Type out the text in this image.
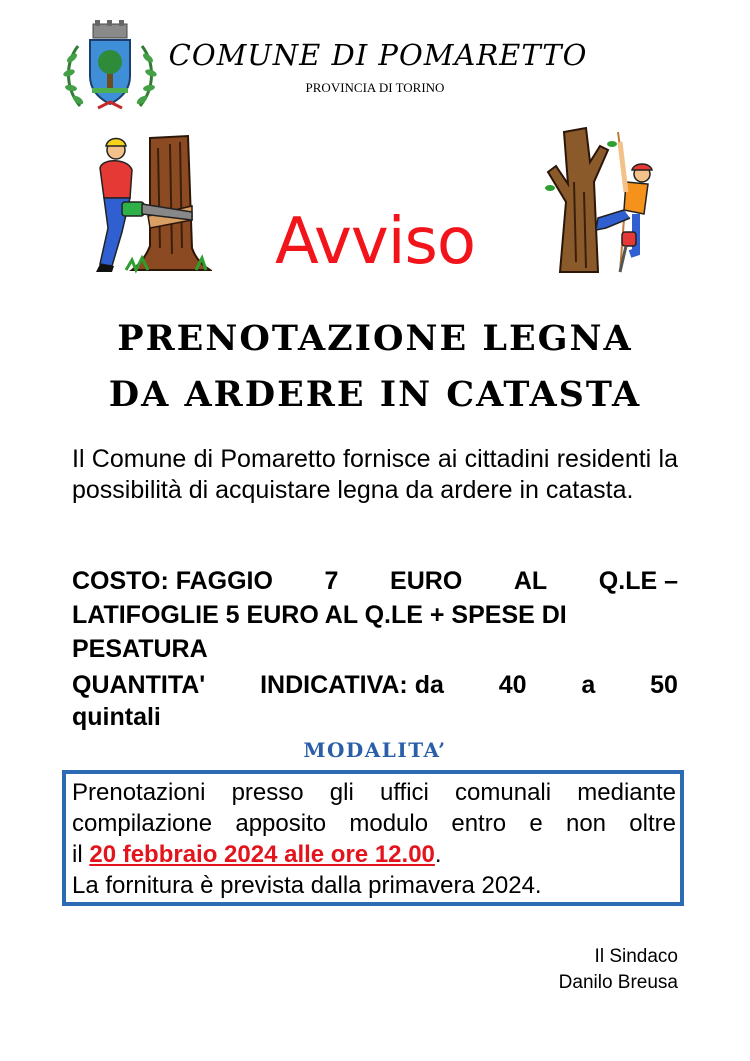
COMUNE DI POMARETTO
PROVINCIA DI TORINO
Avviso
PRENOTAZIONE LEGNA
DA ARDERE IN CATASTA
Il Comune di Pomaretto fornisce ai cittadini residenti la possibilità di acquistare legna da ardere in catasta.
COSTO: FAGGIO 7 EURO AL Q.LE –
LATIFOGLIE 5 EURO AL Q.LE + SPESE DI
PESATURA
QUANTITA' INDICATIVA: da 40 a 50
quintali
MODALITA’
Prenotazioni presso gli uffici comunali mediante
compilazione apposito modulo entro e non oltre
il 20 febbraio 2024 alle ore 12.00.
La fornitura è prevista dalla primavera 2024.
Il Sindaco
Danilo Breusa
